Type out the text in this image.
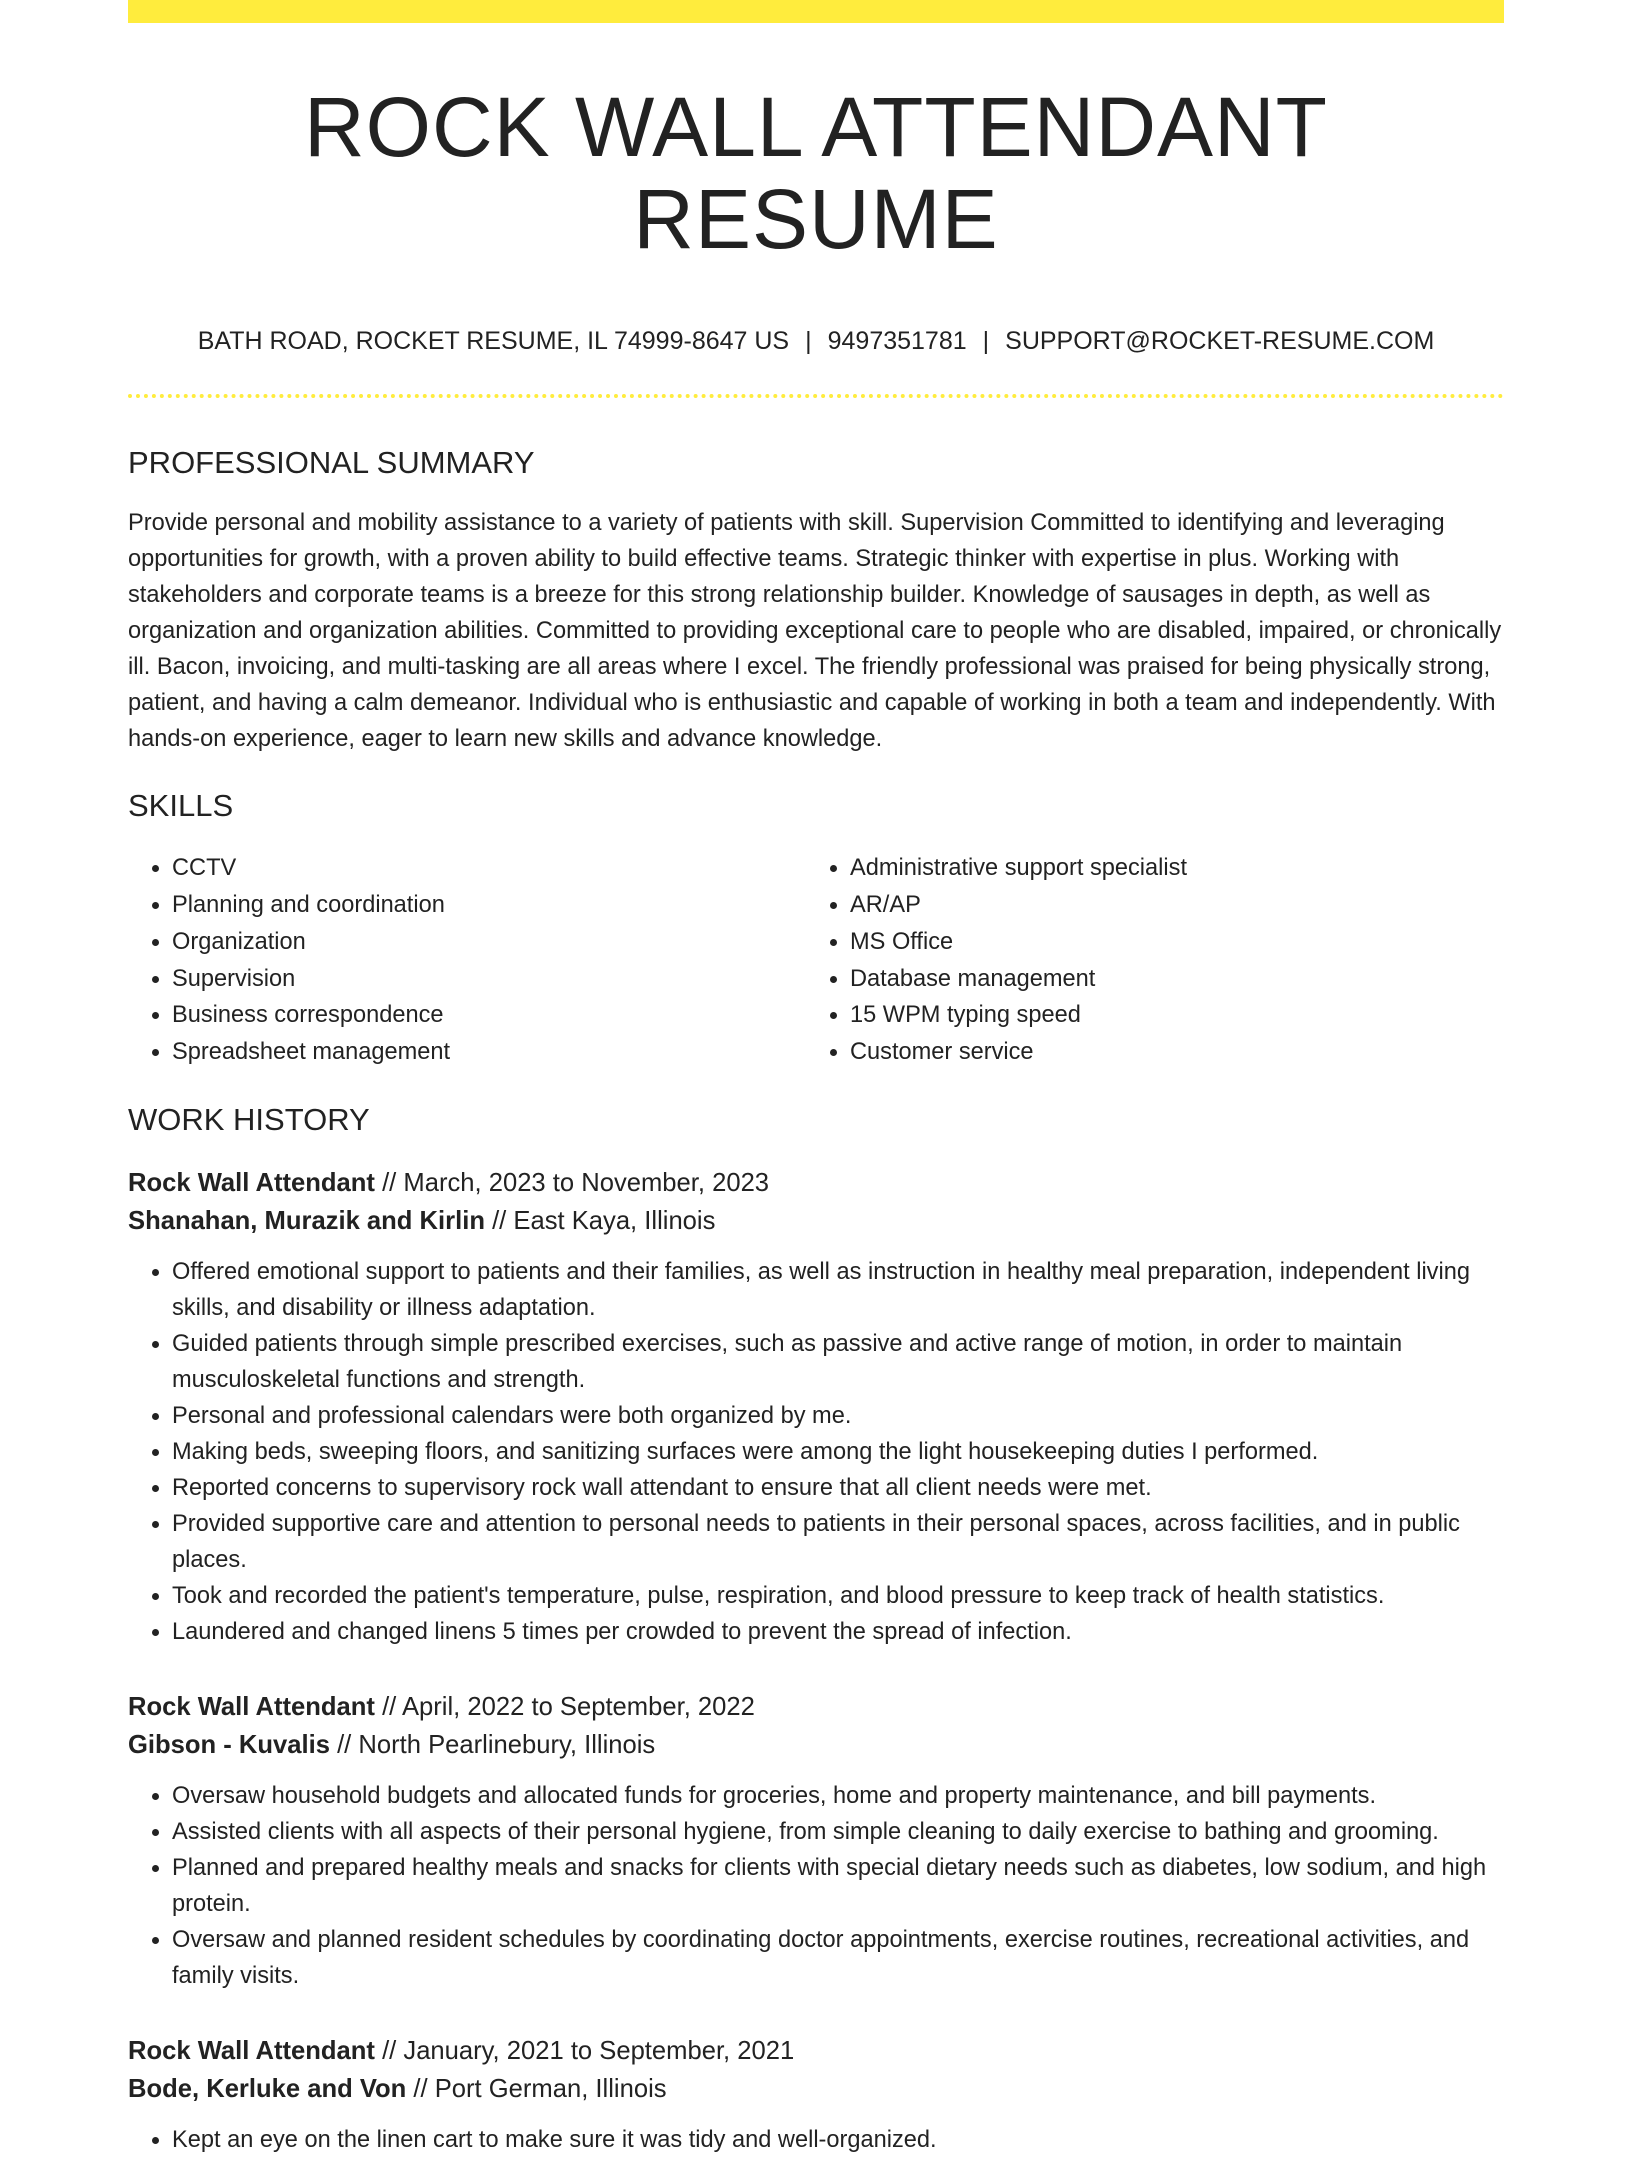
ROCK WALL ATTENDANT RESUME
BATH ROAD, ROCKET RESUME, IL 74999-8647 US | 9497351781 | SUPPORT@ROCKET-RESUME.COM
PROFESSIONAL SUMMARY

Provide personal and mobility assistance to a variety of patients with skill. Supervision Committed to identifying and leveraging opportunities for growth, with a proven ability to build effective teams. Strategic thinker with expertise in plus. Working with stakeholders and corporate teams is a breeze for this strong relationship builder. Knowledge of sausages in depth, as well as organization and organization abilities. Committed to providing exceptional care to people who are disabled, impaired, or chronically ill. Bacon, invoicing, and multi-tasking are all areas where I excel. The friendly professional was praised for being physically strong, patient, and having a calm demeanor. Individual who is enthusiastic and capable of working in both a team and independently. With hands-on experience, eager to learn new skills and advance knowledge.

SKILLS
• CCTV
• Planning and coordination
• Organization
• Supervision
• Business correspondence
• Spreadsheet management
• Administrative support specialist
• AR/AP
• MS Office
• Database management
• 15 WPM typing speed
• Customer service
WORK HISTORY
Rock Wall Attendant // March, 2023 to November, 2023
Shanahan, Murazik and Kirlin // East Kaya, Illinois
• Offered emotional support to patients and their families, as well as instruction in healthy meal preparation, independent living skills, and disability or illness adaptation.
• Guided patients through simple prescribed exercises, such as passive and active range of motion, in order to maintain musculoskeletal functions and strength.
• Personal and professional calendars were both organized by me.
• Making beds, sweeping floors, and sanitizing surfaces were among the light housekeeping duties I performed.
• Reported concerns to supervisory rock wall attendant to ensure that all client needs were met.
• Provided supportive care and attention to personal needs to patients in their personal spaces, across facilities, and in public places.
• Took and recorded the patient's temperature, pulse, respiration, and blood pressure to keep track of health statistics.
• Laundered and changed linens 5 times per crowded to prevent the spread of infection.
Rock Wall Attendant // April, 2022 to September, 2022
Gibson - Kuvalis // North Pearlinebury, Illinois
• Oversaw household budgets and allocated funds for groceries, home and property maintenance, and bill payments.
• Assisted clients with all aspects of their personal hygiene, from simple cleaning to daily exercise to bathing and grooming.
• Planned and prepared healthy meals and snacks for clients with special dietary needs such as diabetes, low sodium, and high protein.
• Oversaw and planned resident schedules by coordinating doctor appointments, exercise routines, recreational activities, and family visits.
Rock Wall Attendant // January, 2021 to September, 2021
Bode, Kerluke and Von // Port German, Illinois
• Kept an eye on the linen cart to make sure it was tidy and well-organized.
